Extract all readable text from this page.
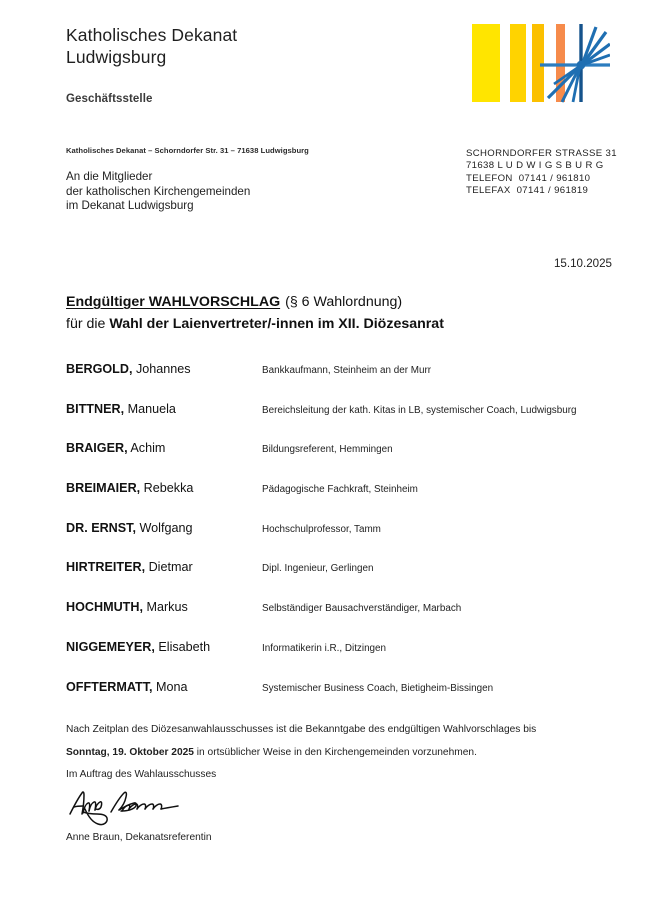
Katholisches Dekanat
Ludwigsburg
Geschäftsstelle
Katholisches Dekanat – Schorndorfer Str. 31 – 71638 Ludwigsburg
An die Mitglieder
der katholischen Kirchengemeinden
im Dekanat Ludwigsburg
SCHORNDORFER STRASSE 31
71638 L U D W I G S B U R G
TELEFON  07141 / 961810
TELEFAX  07141 / 961819
15.10.2025
Endgültiger WAHLVORSCHLAG (§ 6 Wahlordnung)
für die Wahl der Laienvertreter/-innen im XII. Diözesanrat
BERGOLD, Johannes	Bankkaufmann, Steinheim an der Murr
BITTNER, Manuela	Bereichsleitung der kath. Kitas in LB, systemischer Coach, Ludwigsburg
BRAIGER, Achim	Bildungsreferent, Hemmingen
BREIMAIER, Rebekka	Pädagogische Fachkraft, Steinheim
DR. ERNST, Wolfgang	Hochschulprofessor, Tamm
HIRTREITER, Dietmar	Dipl. Ingenieur, Gerlingen
HOCHMUTH, Markus	Selbständiger Bausachverständiger, Marbach
NIGGEMEYER, Elisabeth	Informatikerin i.R., Ditzingen
OFFTERMATT, Mona	Systemischer Business Coach, Bietigheim-Bissingen
Nach Zeitplan des Diözesanwahlausschusses ist die Bekanntgabe des endgültigen Wahlvorschlages bis
Sonntag, 19. Oktober 2025 in ortsüblicher Weise in den Kirchengemeinden vorzunehmen.
Im Auftrag des Wahlausschusses
Anne Braun, Dekanatsreferentin
